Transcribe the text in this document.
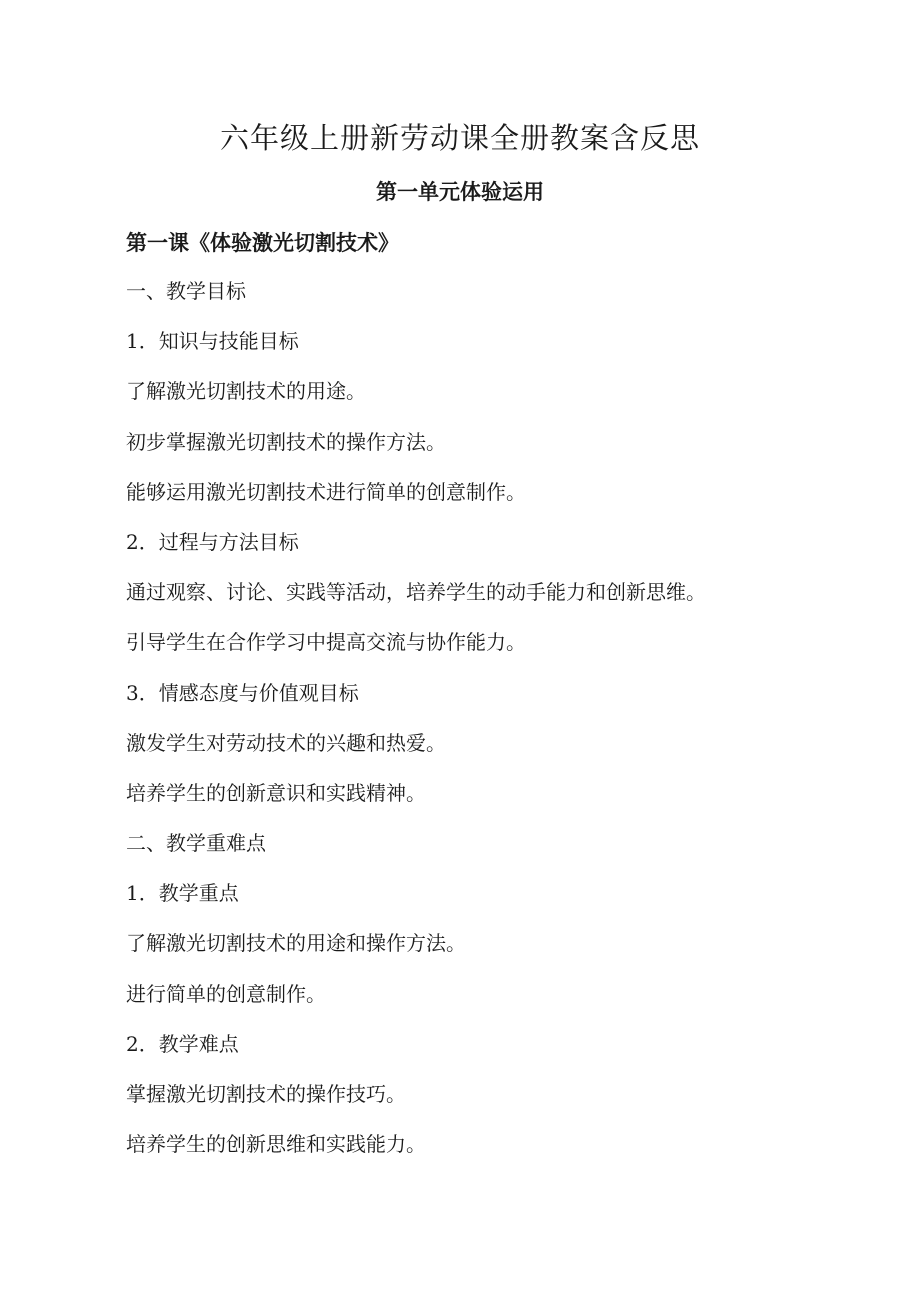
六年级上册新劳动课全册教案含反思
第一单元体验运用
第一课《体验激光切割技术》
一、教学目标
1．知识与技能目标
了解激光切割技术的用途。
初步掌握激光切割技术的操作方法。
能够运用激光切割技术进行简单的创意制作。
2．过程与方法目标
通过观察、讨论、实践等活动，培养学生的动手能力和创新思维。
引导学生在合作学习中提高交流与协作能力。
3．情感态度与价值观目标
激发学生对劳动技术的兴趣和热爱。
培养学生的创新意识和实践精神。
二、教学重难点
1．教学重点
了解激光切割技术的用途和操作方法。
进行简单的创意制作。
2．教学难点
掌握激光切割技术的操作技巧。
培养学生的创新思维和实践能力。
